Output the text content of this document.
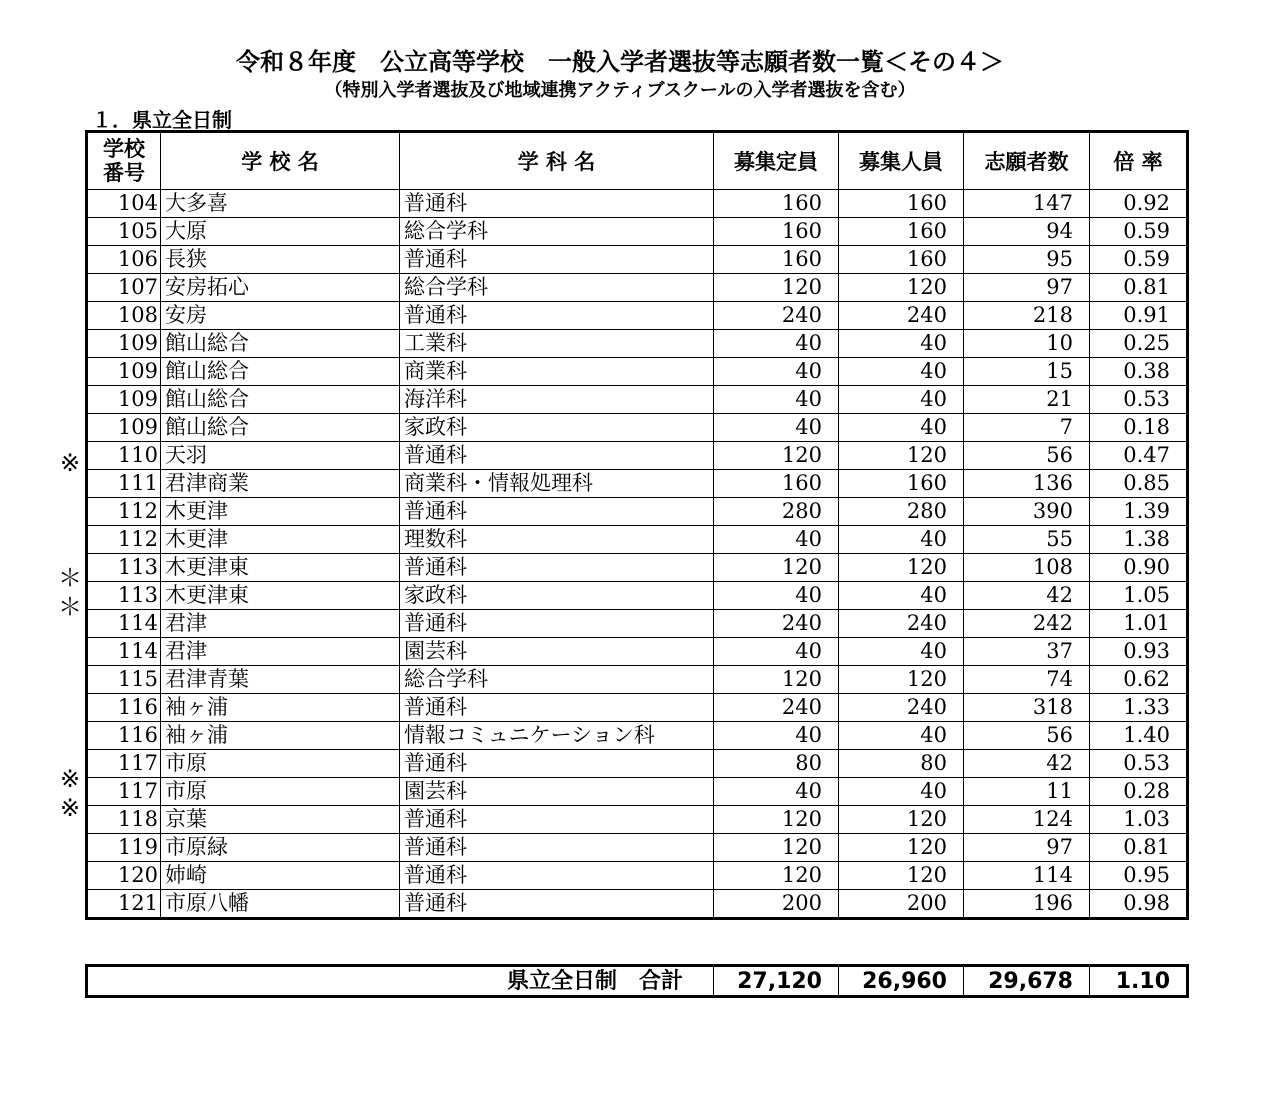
令和８年度　公立高等学校　一般入学者選抜等志願者数一覧＜その４＞
（特別入学者選抜及び地域連携アクティブスクールの入学者選抜を含む）
１．県立全日制
※
＊
＊
※
※
学校
番号	学 校 名	学 科 名	募集定員	募集人員	志願者数	倍 率
104	大多喜	普通科	160	160	147	0.92
105	大原	総合学科	160	160	94	0.59
106	長狭	普通科	160	160	95	0.59
107	安房拓心	総合学科	120	120	97	0.81
108	安房	普通科	240	240	218	0.91
109	館山総合	工業科	40	40	10	0.25
109	館山総合	商業科	40	40	15	0.38
109	館山総合	海洋科	40	40	21	0.53
109	館山総合	家政科	40	40	7	0.18
110	天羽	普通科	120	120	56	0.47
111	君津商業	商業科・情報処理科	160	160	136	0.85
112	木更津	普通科	280	280	390	1.39
112	木更津	理数科	40	40	55	1.38
113	木更津東	普通科	120	120	108	0.90
113	木更津東	家政科	40	40	42	1.05
114	君津	普通科	240	240	242	1.01
114	君津	園芸科	40	40	37	0.93
115	君津青葉	総合学科	120	120	74	0.62
116	袖ヶ浦	普通科	240	240	318	1.33
116	袖ヶ浦	情報コミュニケーション科	40	40	56	1.40
117	市原	普通科	80	80	42	0.53
117	市原	園芸科	40	40	11	0.28
118	京葉	普通科	120	120	124	1.03
119	市原緑	普通科	120	120	97	0.81
120	姉崎	普通科	120	120	114	0.95
121	市原八幡	普通科	200	200	196	0.98
県立全日制　合計	27,120	26,960	29,678	1.10
